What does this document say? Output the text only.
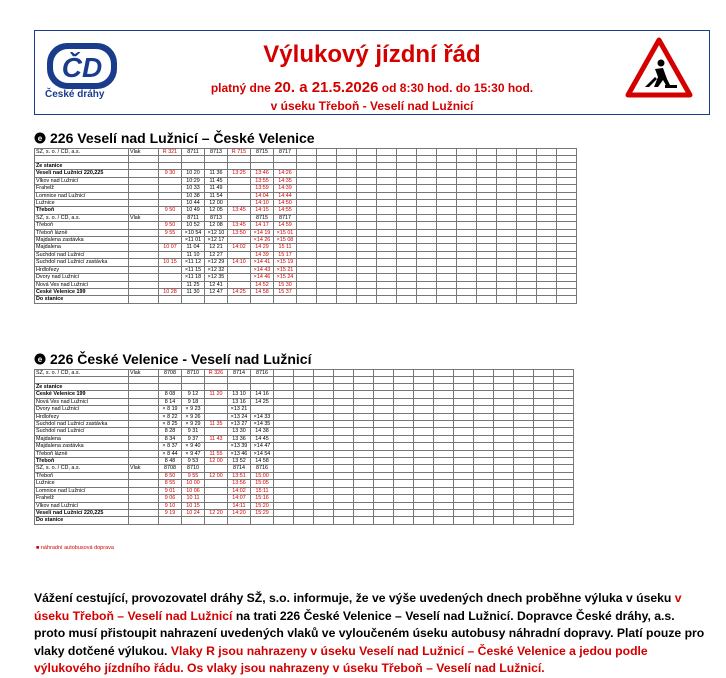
ČD
České dráhy
Výlukový jízdní řád
platný dne 20. a 21.5.2026 od 8:30 hod. do 15:30 hod.
v úseku Třeboň - Veselí nad Lužnicí
e 226 Veselí nad Lužnicí – České Velenice
SŽ, s. o. / ČD, a.s.	Vlak	R 321	8711	8713	R 715	8715	8717														

Ze stanice																					
Veselí nad Lužnicí 220,225		9 30	10 20	11 36	13:25	13:46	14:26														
Vlkov nad Lužnicí			10:29	11 45		13:55	14:35														
Frahelž			10 33	11 49		13:59	14:39														
Lomnice nad Lužnicí			10 38	11 54		14:04	14:44														
Lužnice			10 44	12 00		14:10	14:50														
Třeboň		9 50	10 49	12 05	13:45	14:15	14:55														
SŽ, s. o. / ČD, a.s.	Vlak		8711	8713		8715	8717														
Třeboň		9 50	10 52	12 08	13:45	14 17	14 59														
Třeboň lázně		9 55	×10 54	×12 10	13:50	×14 19	×15 01														
Majdalena zastávka			×11 01	×12 17		×14 26	×15 08														
Majdalena		10 07	11 04	12 21	14:02	14 29	15 11														
Suchdol nad Lužnicí			11 10	12 27		14 39	15 17														
Suchdol nad Lužnicí zastávka		10 15	×11 12	×12 29	14:10	×14 41	×15 19														
Hrdlořezy			×11 15	×12 32		×14 43	×15 21														
Dvory nad Lužnicí			×11 18	×12 35		×14 46	×15 24														
Nová Ves nad Lužnicí			11 25	12 41		14 52	15 30														
České Velenice 199		10 28	11 30	12 47	14:25	14 58	15 37														
Do stanice																					
e 226 České Velenice - Veselí nad Lužnicí
SŽ, s. o. / ČD, a.s.	Vlak	8708	8710	R 326	8714	8716															

Ze stanice																					
České Velenice 199		8 08	9 12	11 20	13 10	14 16															
Nová Ves nad Lužnicí		8 14	9 18		13 16	14 25															
Dvory nad Lužnicí		× 8 19	× 9 23		×13 21																
Hrdlořezy		× 8 22	× 9 26		×13 24	×14 33															
Suchdol nad Lužnicí zastávka		× 8 25	× 9 29	11 35	×13 27	×14 35															
Suchdol nad Lužnicí		8 28	9 31		13 30	14 38															
Majdalena		8 34	9 37	11 43	13 36	14 45															
Majdalena zastávka		× 8 37	× 9 40		×13 39	×14 47															
Třeboň lázně		× 8 44	× 9 47	11 55	×13 46	×14 54															
Třeboň		8 48	9 53	12 00	13 52	14 58															
SŽ, s. o. / ČD, a.s.	Vlak	8708	8710		8714	8716															
Třeboň		8 50	9 55	12 00	13:51	15:00															
Lužnice		8 55	10 00		13:56	15:05															
Lomnice nad Lužnicí		9 01	10 06		14:02	15:11															
Frahelž		9 06	10 11		14:07	15:16															
Vlkov nad Lužnicí		9 10	10 15		14:11	15:20															
Veselí nad Lužnicí 220,225		9 19	10 24	12 20	14:20	15:29															
Do stanice																					
■ náhradní autobusová doprava
Vážení cestující, provozovatel dráhy SŽ, s.o. informuje, že ve výše uvedených dnech proběhne výluka v úseku v úseku Třeboň – Veselí nad Lužnicí na trati 226 České Velenice – Veselí nad Lužnicí. Dopravce České dráhy, a.s. proto musí přistoupit nahrazení uvedených vlaků ve vyloučeném úseku autobusy náhradní dopravy. Platí pouze pro vlaky dotčené výlukou. Vlaky R jsou nahrazeny v úseku Veselí nad Lužnicí – České Velenice a jedou podle výlukového jízdního řádu. Os vlaky jsou nahrazeny v úseku Třeboň – Veselí nad Lužnicí.
